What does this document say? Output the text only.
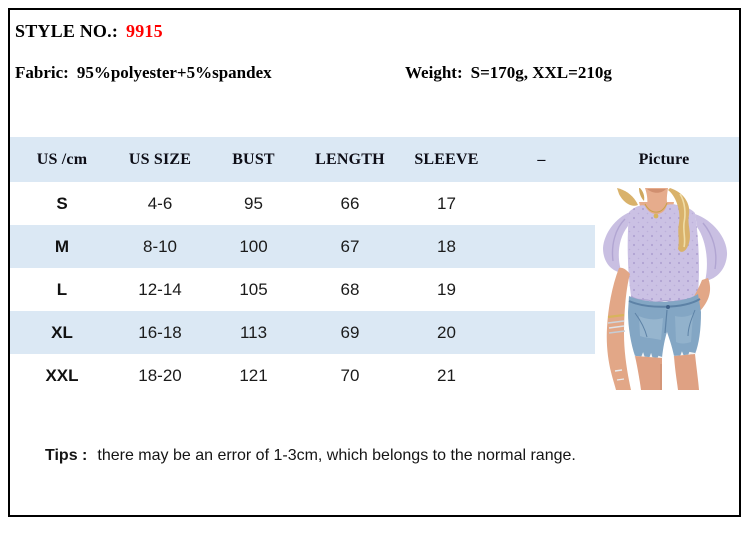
STYLE NO.: 9915
Fabric: 95%polyester+5%spandex	Weight: S=170g, XXL=210g
US /cm	US SIZE	BUST	LENGTH	SLEEVE	–	Picture
S	4-6	95	66	17		
M	8-10	100	67	18		
L	12-14	105	68	19		
XL	16-18	113	69	20		
XXL	18-20	121	70	21		
Tips : there may be an error of 1-3cm, which belongs to the normal range.
